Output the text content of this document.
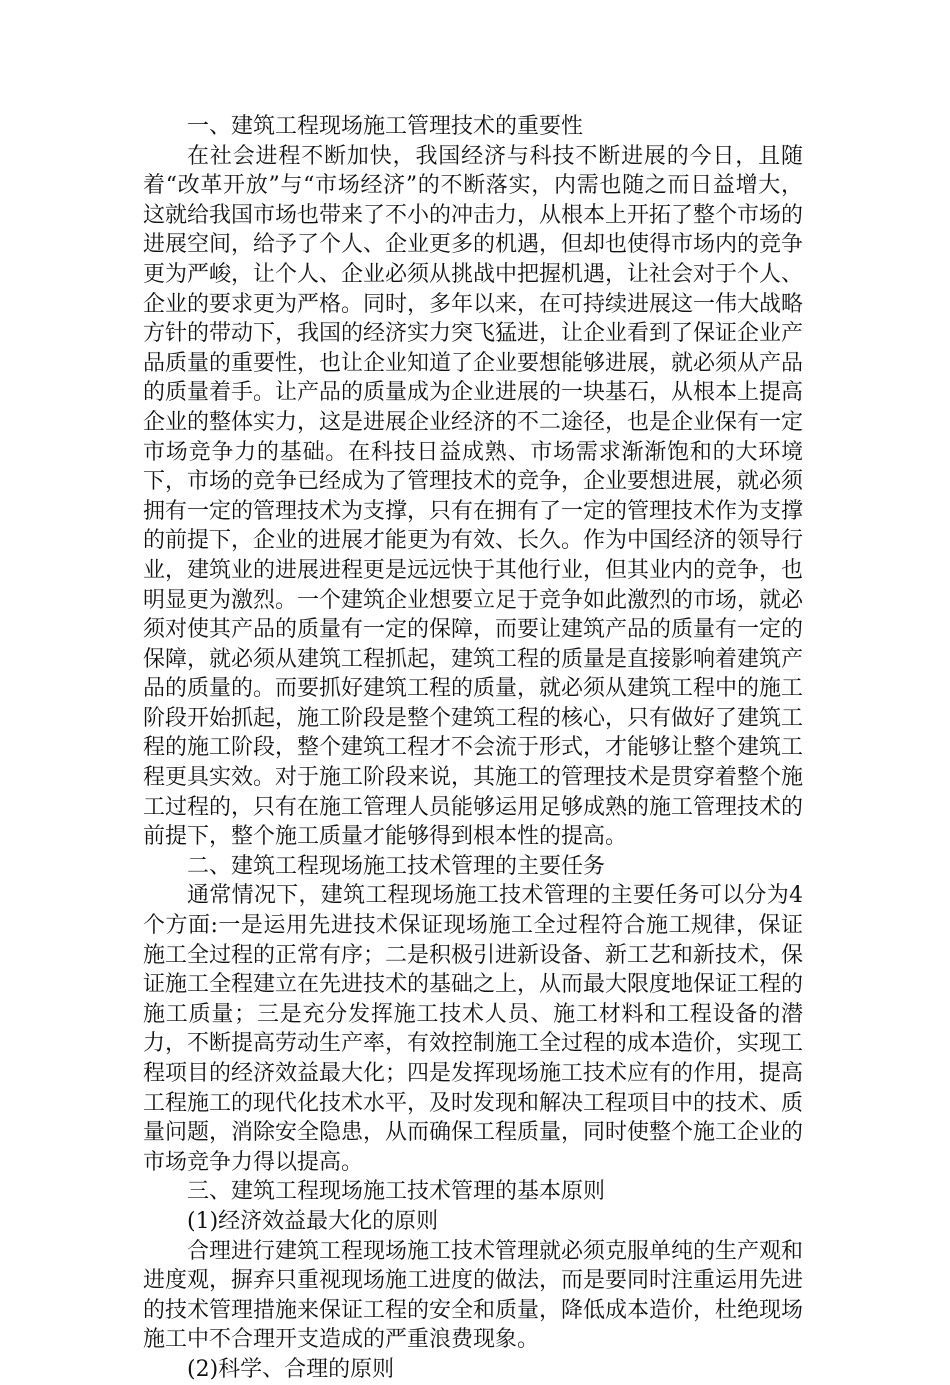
一、建筑工程现场施工管理技术的重要性

在社会进程不断加快，我国经济与科技不断进展的今日，且随着“改革开放”与“市场经济”的不断落实，内需也随之而日益增大，这就给我国市场也带来了不小的冲击力，从根本上开拓了整个市场的进展空间，给予了个人、企业更多的机遇，但却也使得市场内的竞争更为严峻，让个人、企业必须从挑战中把握机遇，让社会对于个人、企业的要求更为严格。同时，多年以来，在可持续进展这一伟大战略方针的带动下，我国的经济实力突飞猛进，让企业看到了保证企业产品质量的重要性，也让企业知道了企业要想能够进展，就必须从产品的质量着手。让产品的质量成为企业进展的一块基石，从根本上提高企业的整体实力，这是进展企业经济的不二途径，也是企业保有一定市场竞争力的基础。在科技日益成熟、市场需求渐渐饱和的大环境下，市场的竞争已经成为了管理技术的竞争，企业要想进展，就必须拥有一定的管理技术为支撑，只有在拥有了一定的管理技术作为支撑的前提下，企业的进展才能更为有效、长久。作为中国经济的领导行业，建筑业的进展进程更是远远快于其他行业，但其业内的竞争，也明显更为激烈。一个建筑企业想要立足于竞争如此激烈的市场，就必须对使其产品的质量有一定的保障，而要让建筑产品的质量有一定的保障，就必须从建筑工程抓起，建筑工程的质量是直接影响着建筑产品的质量的。而要抓好建筑工程的质量，就必须从建筑工程中的施工阶段开始抓起，施工阶段是整个建筑工程的核心，只有做好了建筑工程的施工阶段，整个建筑工程才不会流于形式，才能够让整个建筑工程更具实效。对于施工阶段来说，其施工的管理技术是贯穿着整个施工过程的，只有在施工管理人员能够运用足够成熟的施工管理技术的前提下，整个施工质量才能够得到根本性的提高。

二、建筑工程现场施工技术管理的主要任务

通常情况下，建筑工程现场施工技术管理的主要任务可以分为4个方面:一是运用先进技术保证现场施工全过程符合施工规律，保证施工全过程的正常有序；二是积极引进新设备、新工艺和新技术，保证施工全程建立在先进技术的基础之上，从而最大限度地保证工程的施工质量；三是充分发挥施工技术人员、施工材料和工程设备的潜力，不断提高劳动生产率，有效控制施工全过程的成本造价，实现工程项目的经济效益最大化；四是发挥现场施工技术应有的作用，提高工程施工的现代化技术水平，及时发现和解决工程项目中的技术、质量问题，消除安全隐患，从而确保工程质量，同时使整个施工企业的市场竞争力得以提高。

三、建筑工程现场施工技术管理的基本原则

(1)经济效益最大化的原则

合理进行建筑工程现场施工技术管理就必须克服单纯的生产观和进度观，摒弃只重视现场施工进度的做法，而是要同时注重运用先进的技术管理措施来保证工程的安全和质量，降低成本造价，杜绝现场施工中不合理开支造成的严重浪费现象。

(2)科学、合理的原则
